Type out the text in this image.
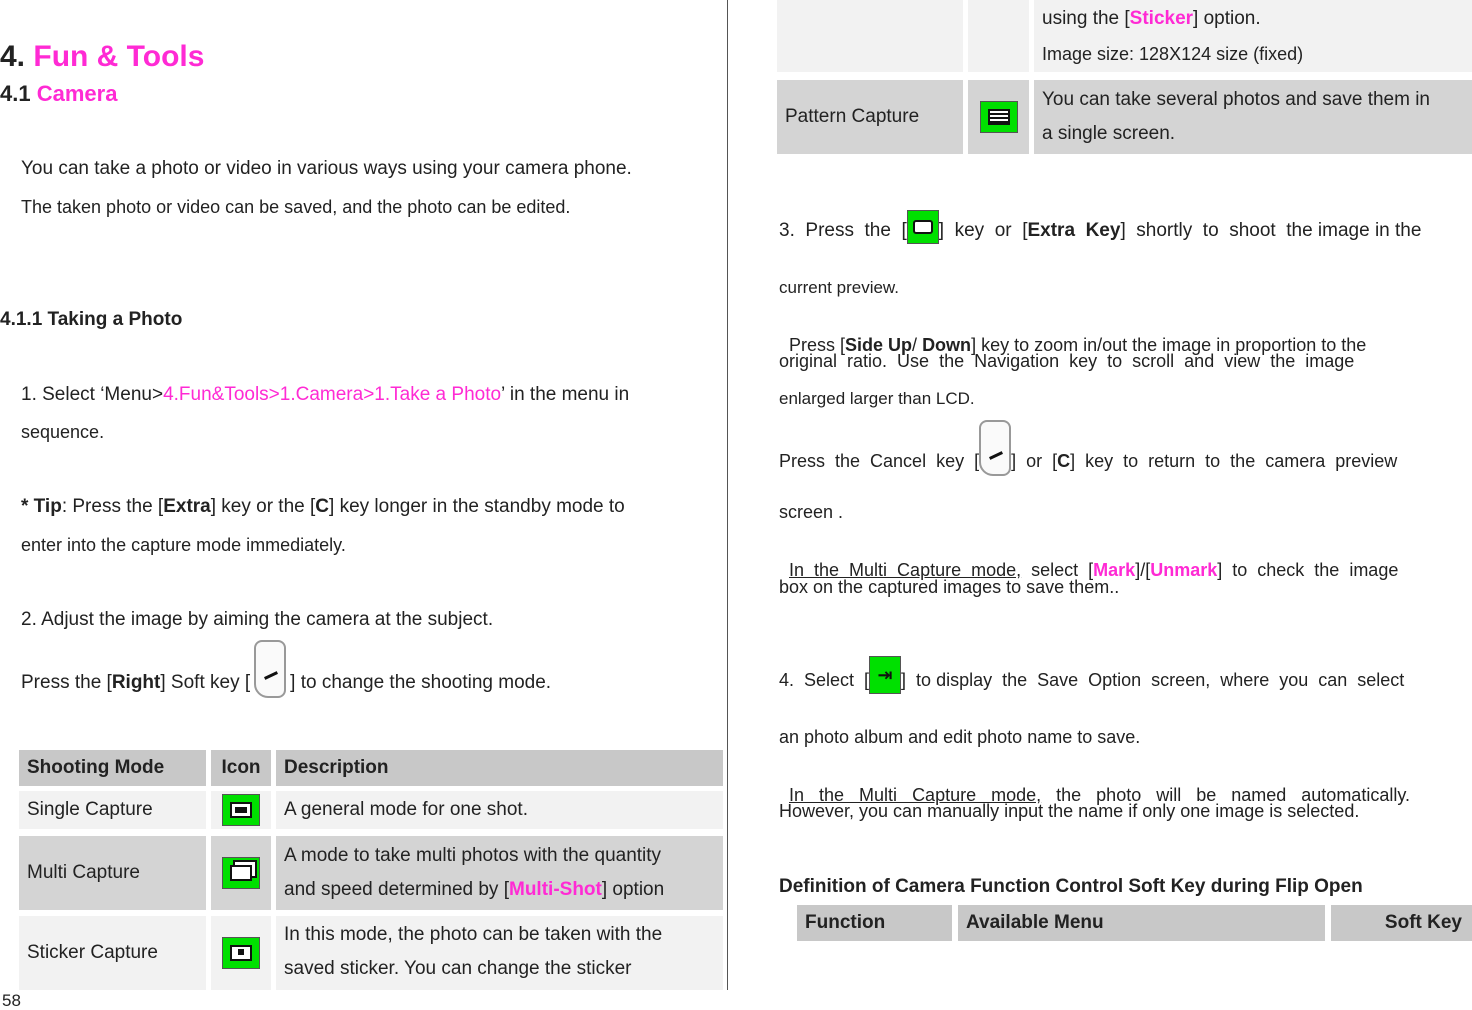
4. Fun & Tools
4.1 Camera
You can take a photo or video in various ways using your camera phone.
The taken photo or video can be saved, and the photo can be edited.
4.1.1 Taking a Photo
1. Select ‘Menu>4.Fun&Tools>1.Camera>1.Take a Photo’ in the menu in
sequence.
* Tip: Press the [Extra] key or the [C] key longer in the standby mode to
enter into the capture mode immediately.
2. Adjust the image by aiming the camera at the subject.
Press the [Right] Soft key [ ] to change the shooting mode.
Shooting Mode	Icon	Description
Single Capture	A general mode for one shot.
Multi Capture
A mode to take multi photos with the quantity
and speed determined by [Multi-Shot] option
Sticker Capture
In this mode, the photo can be taken with the
saved sticker. You can change the sticker
58
using the [Sticker] option.
Image size: 128X124 size (fixed)
Pattern Capture
You can take several photos and save them in
a single screen.
3.  Press  the  [ ]  key  or  [ Extra  Key ]  shortly  to  shoot  the image in the
current preview.

Press [Side Up/ Down] key to zoom in/out the image in proportion to the

original  ratio.  Use  the  Navigation  key  to  scroll  and  view  the  image
enlarged larger than LCD.
Press  the  Cancel  key  [ ]  or  [ C ]  key  to  return  to  the  camera  preview
screen .

In  the  Multi  Capture  mode,  select  [Mark]/[Unmark]  to  check  the  image

box on the captured images to save them..
4.  Select  [ ⇥ ]  to display  the  Save  Option  screen,  where  you  can  select
an photo album and edit photo name to save.

In   the   Multi   Capture   mode,   the   photo   will   be   named   automatically.

However, you can manually input the name if only one image is selected.
Definition of Camera Function Control Soft Key during Flip Open
Function	Available Menu	Soft Key
